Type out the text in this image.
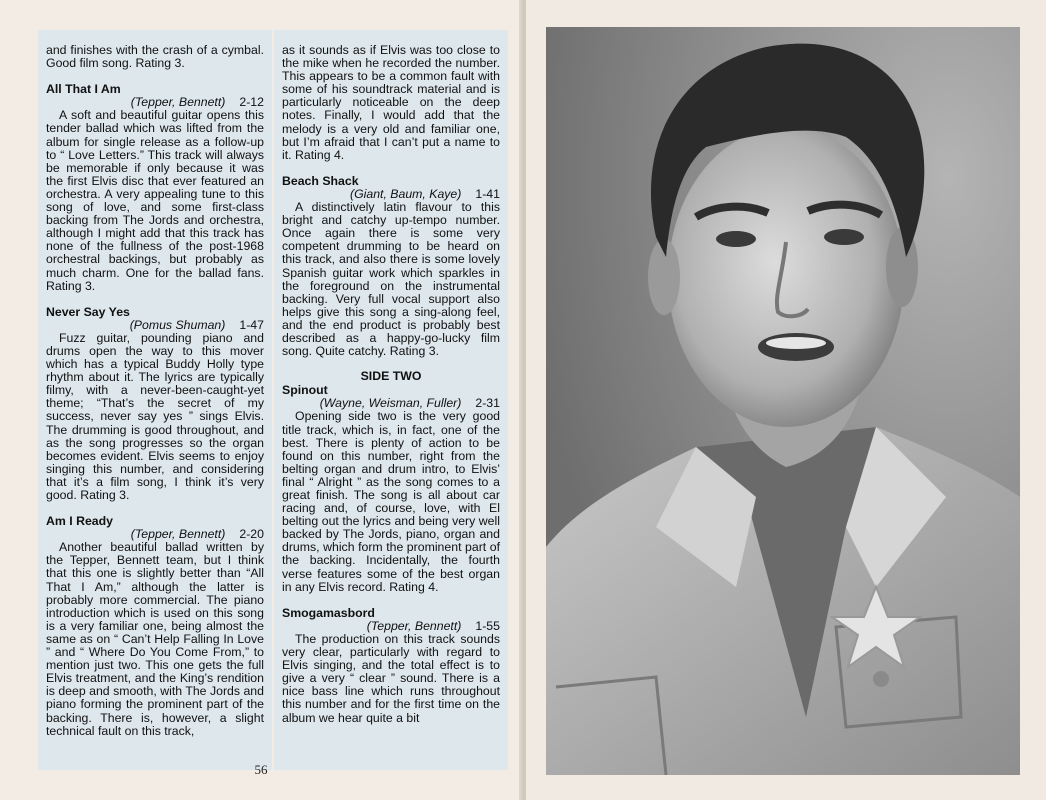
and finishes with the crash of a cymbal. Good film song. Rating 3.

All That I Am
(Tepper, Bennett)	2-12

A soft and beautiful guitar opens this tender ballad which was lifted from the album for single release as a follow-up to “ Love Letters.” This track will always be memorable if only because it was the first Elvis disc that ever featured an orchestra. A very appealing tune to this song of love, and some first-class backing from The Jords and orchestra, although I might add that this track has none of the fullness of the post-1968 orchestral backings, but probably as much charm. One for the ballad fans. Rating 3.

Never Say Yes
(Pomus Shuman)	1-47

Fuzz guitar, pounding piano and drums open the way to this mover which has a typical Buddy Holly type rhythm about it. The lyrics are typically filmy, with a never-been-caught-yet theme; “That’s the secret of my success, never say yes ” sings Elvis. The drumming is good throughout, and as the song progresses so the organ becomes evident. Elvis seems to enjoy singing this number, and considering that it’s a film song, I think it’s very good. Rating 3.

Am I Ready
(Tepper, Bennett)	2-20

Another beautiful ballad written by the Tepper, Bennett team, but I think that this one is slightly better than “All That I Am,” although the latter is probably more commercial. The piano introduction which is used on this song is a very familiar one, being almost the same as on “ Can’t Help Falling In Love ” and “ Where Do You Come From,” to mention just two. This one gets the full Elvis treatment, and the King’s rendition is deep and smooth, with The Jords and piano forming the prominent part of the backing. There is, however, a slight technical fault on this track,

as it sounds as if Elvis was too close to the mike when he recorded the number. This appears to be a common fault with some of his soundtrack material and is particularly noticeable on the deep notes. Finally, I would add that the melody is a very old and familiar one, but I’m afraid that I can’t put a name to it. Rating 4.

Beach Shack
(Giant, Baum, Kaye)	1-41

A distinctively latin flavour to this bright and catchy up-tempo number. Once again there is some very competent drumming to be heard on this track, and also there is some lovely Spanish guitar work which sparkles in the foreground on the instrumental backing. Very full vocal support also helps give this song a sing-along feel, and the end product is probably best described as a happy-go-lucky film song. Quite catchy. Rating 3.

SIDE TWO
Spinout
(Wayne, Weisman, Fuller)	2-31

Opening side two is the very good title track, which is, in fact, one of the best. There is plenty of action to be found on this number, right from the belting organ and drum intro, to Elvis’ final “ Alright ” as the song comes to a great finish. The song is all about car racing and, of course, love, with El belting out the lyrics and being very well backed by The Jords, piano, organ and drums, which form the prominent part of the backing. Incidentally, the fourth verse features some of the best organ in any Elvis record. Rating 4.

Smogamasbord
(Tepper, Bennett)	1-55

The production on this track sounds very clear, particularly with regard to Elvis singing, and the total effect is to give a very “ clear ” sound. There is a nice bass line which runs throughout this number and for the first time on the album we hear quite a bit

56
